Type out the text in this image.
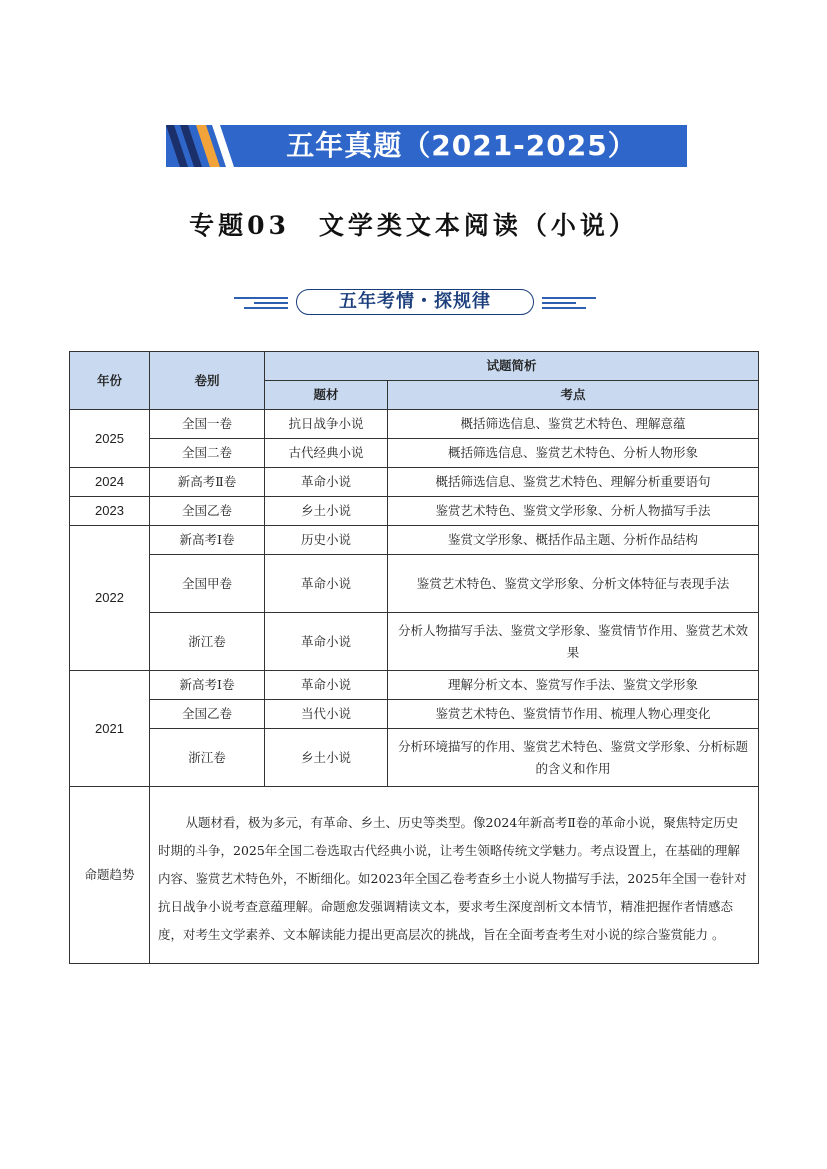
五年真题（2021-2025）
专题03　文学类文本阅读（小说）
五年考情・探规律
年份	卷别	试题简析	
		题材	考点
2025	全国一卷	抗日战争小说	概括筛选信息、鉴赏艺术特色、理解意蕴
	全国二卷	古代经典小说	概括筛选信息、鉴赏艺术特色、分析人物形象
2024	新高考Ⅱ卷	革命小说	概括筛选信息、鉴赏艺术特色、理解分析重要语句
2023	全国乙卷	乡土小说	鉴赏艺术特色、鉴赏文学形象、分析人物描写手法
2022	新高考Ⅰ卷	历史小说	鉴赏文学形象、概括作品主题、分析作品结构
	全国甲卷	革命小说	鉴赏艺术特色、鉴赏文学形象、分析文体特征与表现手法
	浙江卷	革命小说	分析人物描写手法、鉴赏文学形象、鉴赏情节作用、鉴赏艺术效果
2021	新高考Ⅰ卷	革命小说	理解分析文本、鉴赏写作手法、鉴赏文学形象
	全国乙卷	当代小说	鉴赏艺术特色、鉴赏情节作用、梳理人物心理变化
	浙江卷	乡土小说	分析环境描写的作用、鉴赏艺术特色、鉴赏文学形象、分析标题的含义和作用
命题趋势	从题材看，极为多元，有革命、乡土、历史等类型。像2024年新高考Ⅱ卷的革命小说，聚焦特定历史时期的斗争，2025年全国二卷选取古代经典小说，让考生领略传统文学魅力。考点设置上，在基础的理解内容、鉴赏艺术特色外，不断细化。如2023年全国乙卷考查乡土小说人物描写手法，2025年全国一卷针对抗日战争小说考查意蕴理解。命题愈发强调精读文本，要求考生深度剖析文本情节，精准把握作者情感态度，对考生文学素养、文本解读能力提出更高层次的挑战，旨在全面考查考生对小说的综合鉴赏能力 。		
